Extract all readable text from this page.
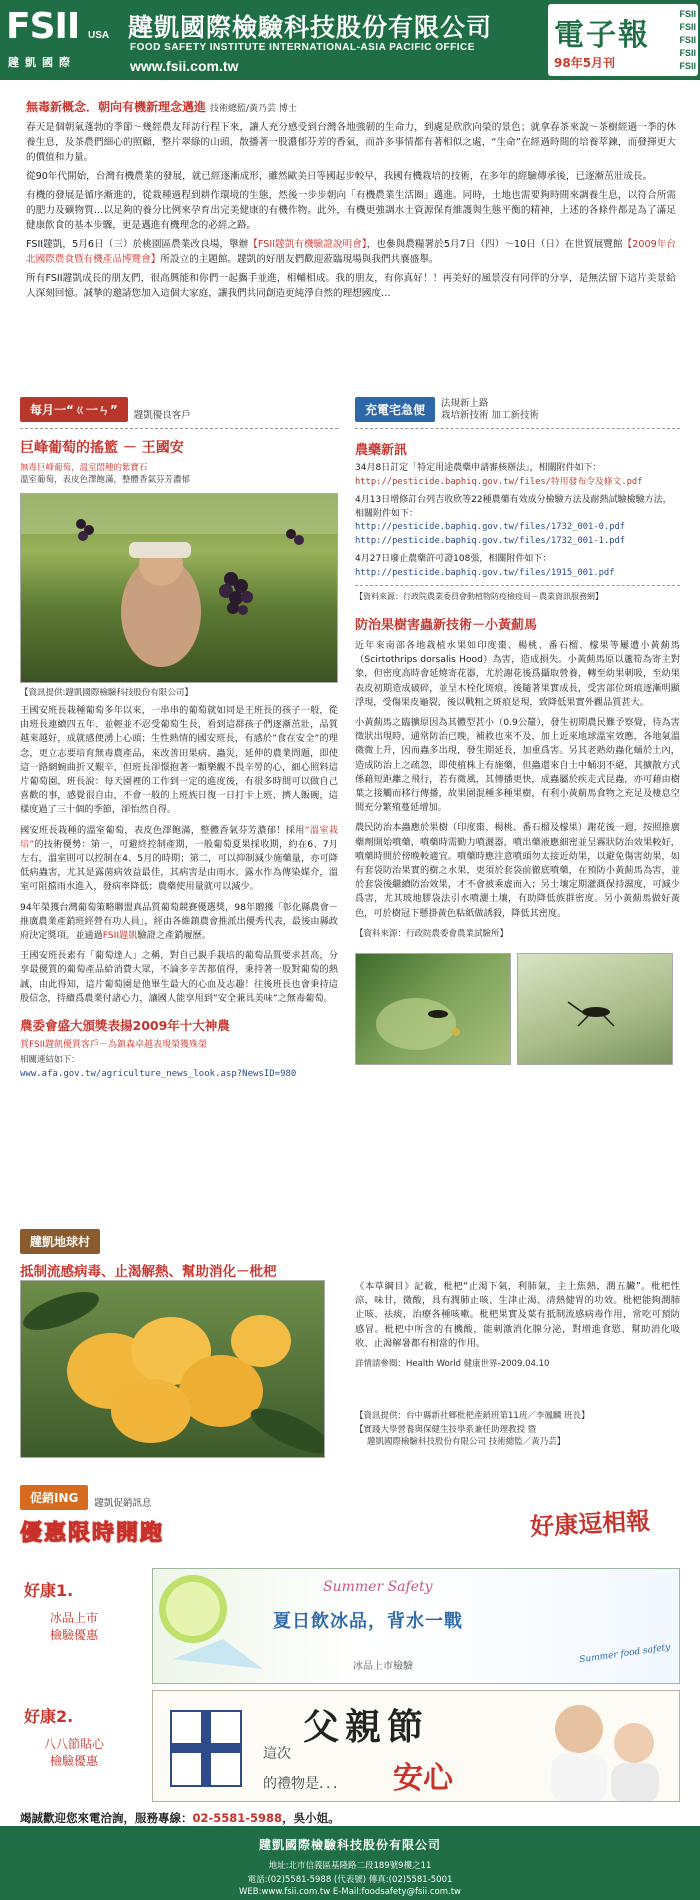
FSII USA
韙凱國際
韙凱國際檢驗科技股份有限公司
FOOD SAFETY INSTITUTE INTERNATIONAL-ASIA PACIFIC OFFICE
www.fsii.com.tw
電子報
98年5月刊
FSII
FSII
FSII
FSII
FSII
無毒新概念．朝向有機新理念邁進 技術總監/黃乃芸 博士

春天是個朝氣蓬勃的季節～幾經農友拜訪行程下來，讓人充分感受到台灣各地強韌的生命力，到處是欣欣向榮的景色；就拿春茶來說～茶樹經過一季的休養生息，及茶農們細心的照顧，整片翠綠的山頭，散播著一股濃郁芬芳的香氣，而許多事情都有著相似之處，“生命”在經過時間的培養萃鍊，而發揮更大的價值和力量。

從90年代開始，台灣有機農業的發展，就已經逐漸成形，雖然歐美日等國起步較早，我國有機栽培的技術，在多年的經驗傳承後，已逐漸茁壯成長。

有機的發展是循序漸進的，從栽種過程到耕作環境的生態，然後一步步朝向「有機農業生活圈」邁進。同時，土地也需要夠時間來調養生息，以符合所需的肥力及礦物質…以足夠的養分比例來孕育出完美健康的有機作物。此外，有機更強調水土資源保育維護與生態平衡的精神，上述的各條件都是為了滿足健康飲食的基本步驟，更是邁進有機理念的必經之路。

FSII韙凱，5月6日（三）於桃園區農業改良場，舉辦【FSII韙凱有機驗證說明會】，也參與農糧署於5月7日（四）～10日（日）在世貿展覽館【2009年台北國際農食暨有機產品博覽會】所設立的主題館。韙凱的好朋友們歡迎蒞臨現場與我們共襄盛舉。

所有FSII韙凱成長的朋友們，很高興能和你們一起攜手並進，相輔相成。我的朋友，有你真好！！再美好的風景沒有同伴的分享，是無法留下這片美景給人深刻回憶。誠摯的邀請您加入這個大家庭，讓我們共同創造更純淨自然的理想國度…

每月一“ㄍ一ㄣ”	韙凱優良客戶
巨峰葡萄的搖籃 － 王國安
無毒巨峰葡萄，溫室悶種的紫寶石
溫室葡萄，表皮色澤飽滿，整體香氣芬芳濃郁
【資訊提供:韙凱國際檢驗科技股份有限公司】

王國安班長栽種葡萄多年以來，一串串的葡萄就如同是王班長的孩子一般，從由班長連續四五年、並輕並不忍受葡萄生長，看到這群孩子們逐漸茁壯，品質越來越好，成就感便湧上心頭；生性熱情的國安班長，有感於”食在安全”的理念，更立志要培育無毒農產品，來改善田果病、蟲災，延伸的農業問題，即使這一路網蜿曲折又艱辛，但班長卻憬抱著一顆樂觀不畏辛勞的心，細心照料這片葡萄園，班長說：每天園裡的工作到一定的進度後，有很多時間可以做自己喜歡的事，感覺很自由，不會一般的上班族日復一日打卡上班、擠人飯碗，這樣度過了三十個的季節，卻怡然自得。

國安班長栽種的溫室葡萄，表皮色澤飽滿，整體香氣芬芳濃郁！採用“溫室栽培”的技術優勢：第一，可避終控制產期，一般葡萄夏果採收期，約在6、7月左右，溫室則可以控制在4、5月的時期；第二，可以抑制減少施藥量，亦可降低病蟲害，尤其是露菌病效益最佳，其病害是由雨水、露水作為傳染媒介，溫室可阻擋雨水進入，發病率降低；農藥使用量就可以減少。

94年榮獲台灣葡萄策略聯盟真品質葡萄競賽優選獎，98年贈獲「彰化縣農會－推廣農業產銷班經營有功人員」，經由各維鎮農會推派出優秀代表，最後由縣政府決定獎項。並通過FSII韙凱驗證之產銷履歷。

王國安班長素有「葡萄達人」之稱，對自己親手栽培的葡萄品質要求甚高，分享最優質的葡萄產品給消費大眾，不論多辛苦都值得，秉持著一股對葡萄的熱誠，由此得知，這片葡萄園是他畢生最大的心血及志趣！往後班長也會秉持這股信念，持續爲農業付諸心力，讓國人能享用到”安全兼具美味”之無毒葡萄。

農委會盛大頒獎表揚2009年十大神農
賀FSII韙凱優質客戶－為鎮森卓越表現榮獲殊榮
相關連結如下：
www.afa.gov.tw/agriculture_news_look.asp?NewsID=980
充電宅急便	法規新上路
栽培新技術 加工新技術
農藥新訊
34月8日訂定「特定用途農藥申請審核辦法」，相關附件如下：
http://pesticide.baphiq.gov.tw/files/特用發布令及條文.pdf
4月13日增修訂台列吉收欣等22種農藥有效成分檢驗方法及耐熱試驗檢驗方法，相關附件如下：
http://pesticide.baphiq.gov.tw/files/1732_001-0.pdf
http://pesticide.baphiq.gov.tw/files/1732_001-1.pdf
4月27日廢止農藥許可證108張，相關附件如下：
http://pesticide.baphiq.gov.tw/files/1915_001.pdf
【資料來源：行政院農業委員會動植物防疫檢疫局－農業資訊服務網】
防治果樹害蟲新技術－小黃薊馬

近年來南部各地栽植水果如印度棗、楊桃、番石榴、檬果等屢遭小黃薊馬（Scirtothrips dorsalis Hood）為害，造成損失。小黃薊馬原以蘆筍為寄主對象，但密度高時會延燒寄花器，尤於謝花後爲攝取營養，轉至幼果刺吸，至幼果表皮初期造成破碎，並呈木栓化斑痕，後隨著果實成長，受害部位斑痕逐漸明顯浮現，受傷果皮龜裂，後以戰粗之斑痕是現，致降低果實外觀品質甚大。

小黃薊馬之臨擴原因為其體型甚小（0.9公釐），發生初期農民難予察覺，待為害徵狀出現時，通常防治已晚，補救也來不及，加上近來地球溫室效應，各地氣溫微微上升，因而蟲多出現，發生期延長，加重爲害。另其老熟幼蟲化蛹於土內，造成防治上之疏忽，即使植株上有施藥，但蟲還來自土中蛹羽不絕，其擴散方式係藉短距離之飛行，若有微風，其傳播更快，成蟲屬於疾走式昆蟲，亦可藉由樹葉之接觸而移行傳播，故果園混種多種果樹，有利小黃薊馬食物之充足及棲息空間充分繁殖蔓延增加。

農民防治本蟲應於果樹（印度棗、楊桃、番石榴及檬果）謝花後一週，按照推廣藥劑開始噴藥，噴藥時需勤力噴灑器，噴出藥液應細密並呈霧狀防治效果較好，噴藥時間於傍晚較適宜。噴藥時應注意噴頭勿太接近幼果，以避免傷害幼果，如有套袋防治果實的樹之水果，更須於套袋前徹底噴藥，在預防小黃薊馬為害，並於套袋後繼續防治效果，才不會被乘虛而入；另土壤定期灌溉保持濕度，可減少爲害，尤其玻地膠袋法引水噴灑土壤，有助降低族群密度。另小黃薊馬做好黃色，可於樹冠下懸掛黃色粘紙做誘殺，降低其密度。

【資料來源：行政院農委會農業試驗所】
韙凱地球村
抵制流感病毒、止渴解熱、幫助消化－枇杷

《本草綱目》記載，枇杷“止渴下氣，利肺氣，主上焦熱，潤五臟”。枇杷性涼，味甘，微酸，具有潤肺止咳、生津止渴、清熱健胃的功效。枇杷能夠潤肺止咳、祛痰，治療各種咳嗽。枇杷果實及葉有抵制流感病毒作用，常吃可預防感冒。枇杷中所含的有機酸，能刺激消化腺分泌，對增進食慾、幫助消化吸收、止渴解暑都有相當的作用。

詳情請參閱：Health World 健康世界-2009.04.10

【資訊提供：台中縣新社鄉枇杷產銷班第11班／李鳳麟 班長】

【實踐大學營養與保健生技學系兼任助理教授 暨

韙凱國際檢驗科技股份有限公司 技術總監／黃乃芸】

促銷ING	韙凱促銷訊息
優惠限時開跑	好康逗相報
好康1.
冰品上市
檢驗優惠
Summer Safety
夏日飲冰品，背水一戰
冰品上市檢驗
Summer food safety
好康2.
八八節貼心
檢驗優惠
父親節
這次
的禮物是．．． 安心
竭誠歡迎您來電洽詢，服務專線：02-5581-5988，吳小姐。
韙凱國際檢驗科技股份有限公司
地址:北市信義區基隆路二段189號9樓之11
電話:(02)5581-5988 (代表號) 傳真:(02)5581-5001
WEB:www.fsii.com.tw E-Mail:foodsafety@fsii.com.tw
